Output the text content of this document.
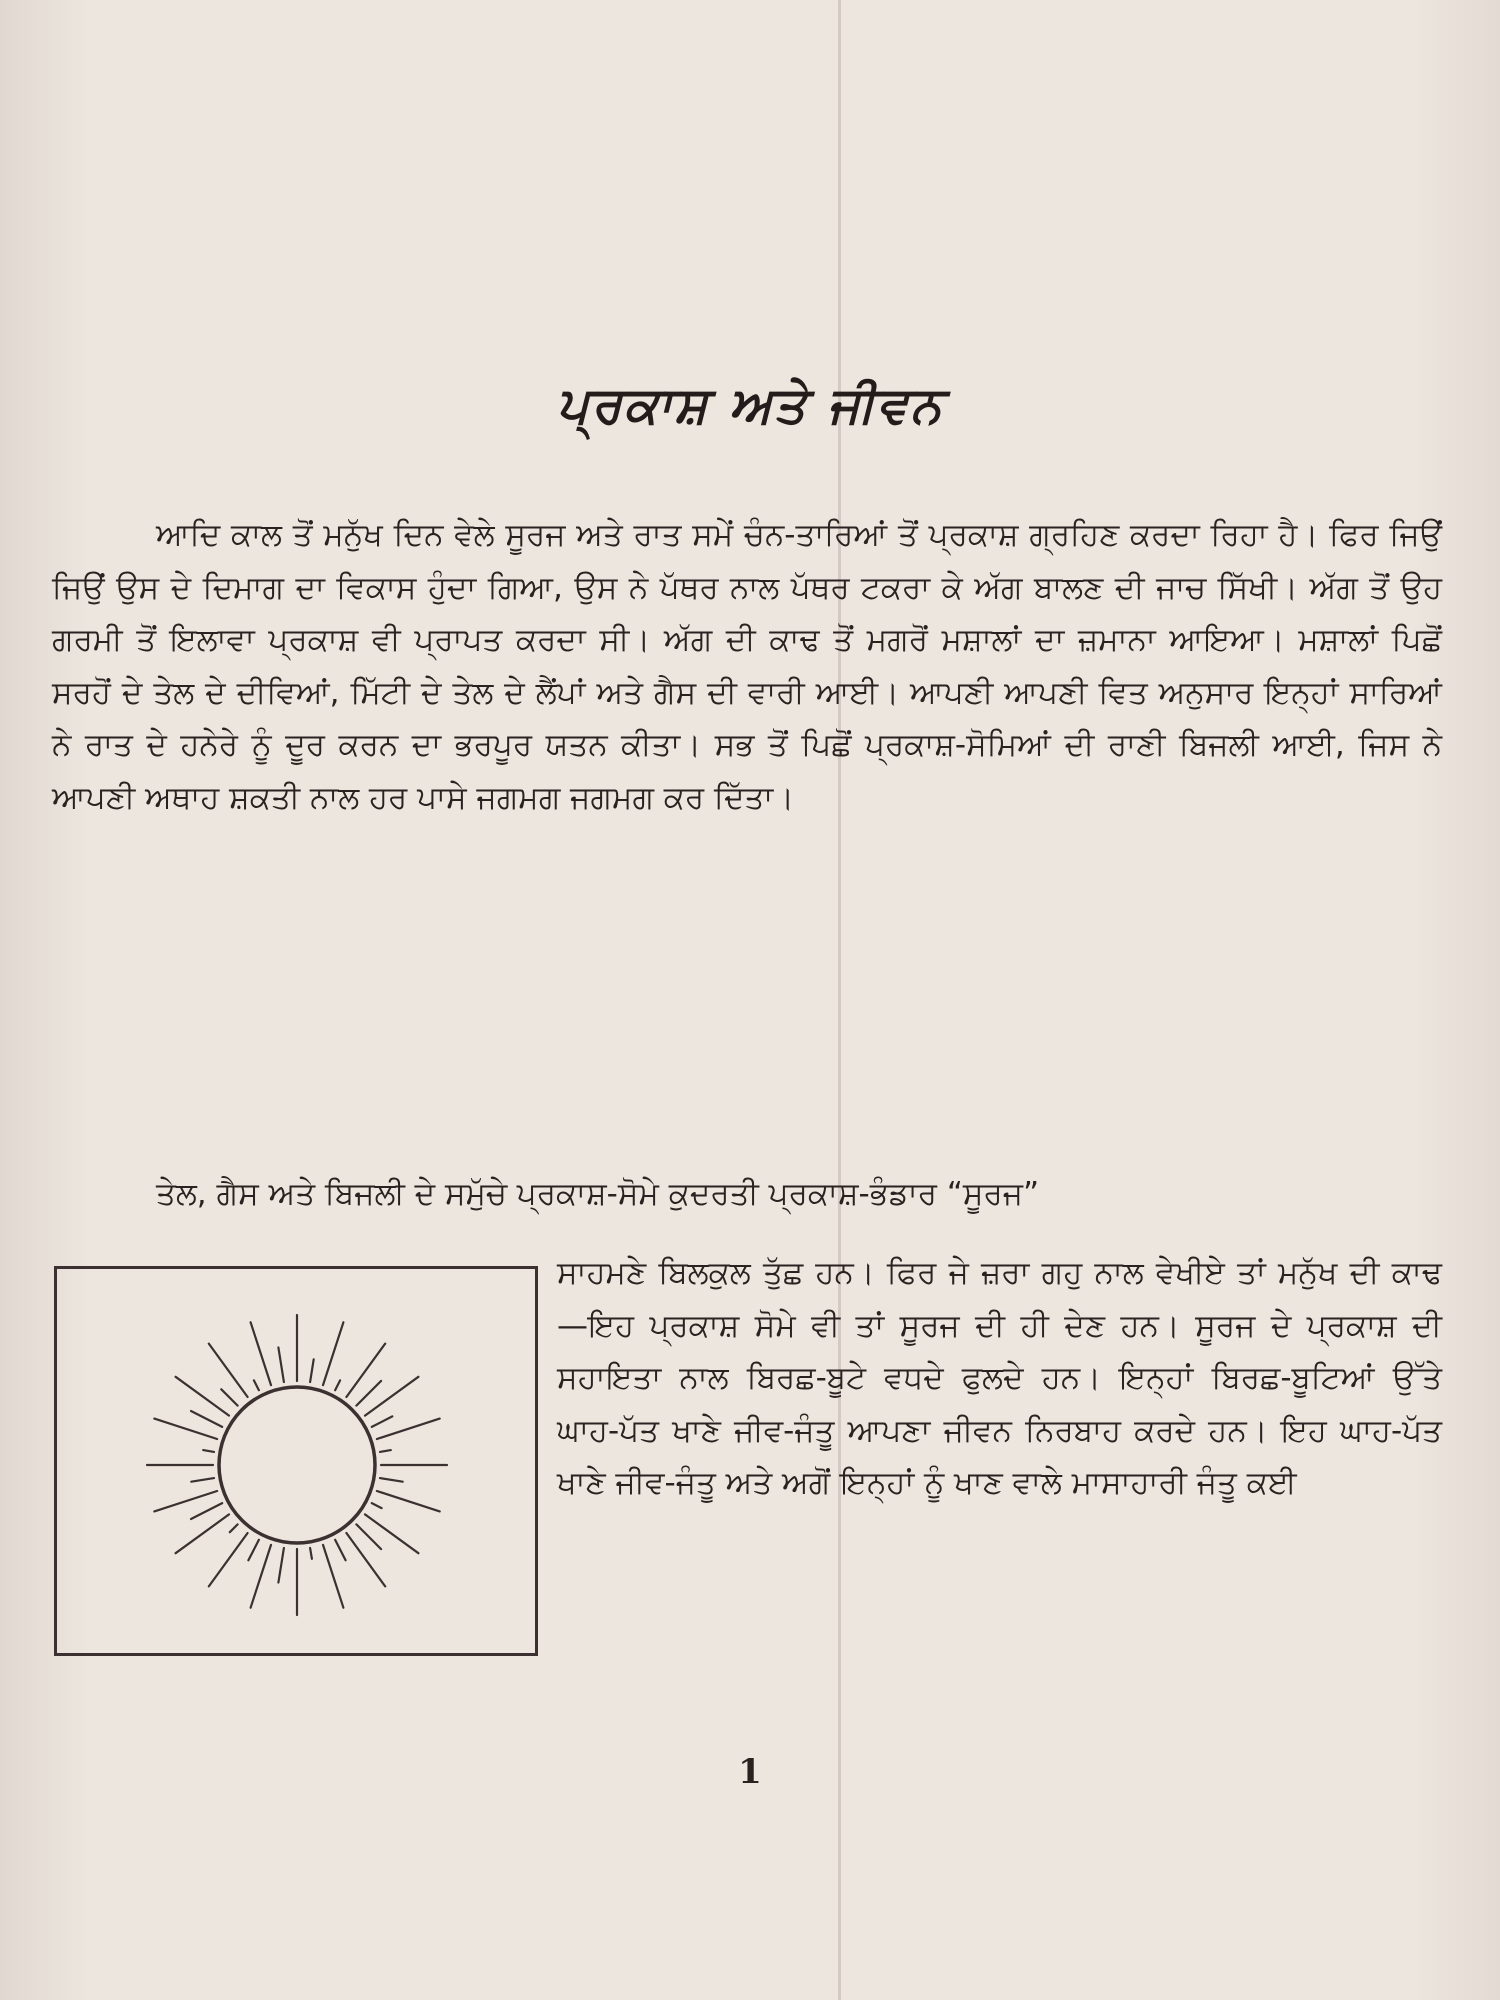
ਪ੍ਰਕਾਸ਼ ਅਤੇ ਜੀਵਨ

ਆਦਿ ਕਾਲ ਤੋਂ ਮਨੁੱਖ ਦਿਨ ਵੇਲੇ ਸੂਰਜ ਅਤੇ ਰਾਤ ਸਮੇਂ ਚੰਨ-ਤਾਰਿਆਂ ਤੋਂ ਪ੍ਰਕਾਸ਼ ਗ੍ਰਹਿਣ ਕਰਦਾ ਰਿਹਾ ਹੈ। ਫਿਰ ਜਿਉਂ ਜਿਉਂ ਉਸ ਦੇ ਦਿਮਾਗ ਦਾ ਵਿਕਾਸ ਹੁੰਦਾ ਗਿਆ, ਉਸ ਨੇ ਪੱਥਰ ਨਾਲ ਪੱਥਰ ਟਕਰਾ ਕੇ ਅੱਗ ਬਾਲਣ ਦੀ ਜਾਚ ਸਿੱਖੀ। ਅੱਗ ਤੋਂ ਉਹ ਗਰਮੀ ਤੋਂ ਇਲਾਵਾ ਪ੍ਰਕਾਸ਼ ਵੀ ਪ੍ਰਾਪਤ ਕਰਦਾ ਸੀ। ਅੱਗ ਦੀ ਕਾਢ ਤੋਂ ਮਗਰੋਂ ਮਸ਼ਾਲਾਂ ਦਾ ਜ਼ਮਾਨਾ ਆਇਆ। ਮਸ਼ਾਲਾਂ ਪਿਛੋਂ ਸਰਹੋਂ ਦੇ ਤੇਲ ਦੇ ਦੀਵਿਆਂ, ਮਿੱਟੀ ਦੇ ਤੇਲ ਦੇ ਲੈਂਪਾਂ ਅਤੇ ਗੈਸ ਦੀ ਵਾਰੀ ਆਈ। ਆਪਣੀ ਆਪਣੀ ਵਿਤ ਅਨੁਸਾਰ ਇਨ੍ਹਾਂ ਸਾਰਿਆਂ ਨੇ ਰਾਤ ਦੇ ਹਨੇਰੇ ਨੂੰ ਦੂਰ ਕਰਨ ਦਾ ਭਰਪੂਰ ਯਤਨ ਕੀਤਾ। ਸਭ ਤੋਂ ਪਿਛੋਂ ਪ੍ਰਕਾਸ਼-ਸੋਮਿਆਂ ਦੀ ਰਾਣੀ ਬਿਜਲੀ ਆਈ, ਜਿਸ ਨੇ ਆਪਣੀ ਅਥਾਹ ਸ਼ਕਤੀ ਨਾਲ ਹਰ ਪਾਸੇ ਜਗਮਗ ਜਗਮਗ ਕਰ ਦਿੱਤਾ।

ਤੇਲ, ਗੈਸ ਅਤੇ ਬਿਜਲੀ ਦੇ ਸਮੁੱਚੇ ਪ੍ਰਕਾਸ਼-ਸੋਮੇ ਕੁਦਰਤੀ ਪ੍ਰਕਾਸ਼-ਭੰਡਾਰ “ਸੂਰਜ”

ਸਾਹਮਣੇ ਬਿਲਕੁਲ ਤੁੱਛ ਹਨ। ਫਿਰ ਜੇ ਜ਼ਰਾ ਗਹੁ ਨਾਲ ਵੇਖੀਏ ਤਾਂ ਮਨੁੱਖ ਦੀ ਕਾਢ—ਇਹ ਪ੍ਰਕਾਸ਼ ਸੋਮੇ ਵੀ ਤਾਂ ਸੂਰਜ ਦੀ ਹੀ ਦੇਣ ਹਨ। ਸੂਰਜ ਦੇ ਪ੍ਰਕਾਸ਼ ਦੀ ਸਹਾਇਤਾ ਨਾਲ ਬਿਰਛ-ਬੂਟੇ ਵਧਦੇ ਫੁਲਦੇ ਹਨ। ਇਨ੍ਹਾਂ ਬਿਰਛ-ਬੂਟਿਆਂ ਉੱਤੇ ਘਾਹ-ਪੱਤ ਖਾਣੇ ਜੀਵ-ਜੰਤੂ ਆਪਣਾ ਜੀਵਨ ਨਿਰਬਾਹ ਕਰਦੇ ਹਨ। ਇਹ ਘਾਹ-ਪੱਤ ਖਾਣੇ ਜੀਵ-ਜੰਤੂ ਅਤੇ ਅਗੋਂ ਇਨ੍ਹਾਂ ਨੂੰ ਖਾਣ ਵਾਲੇ ਮਾਸਾਹਾਰੀ ਜੰਤੂ ਕਈ

1
